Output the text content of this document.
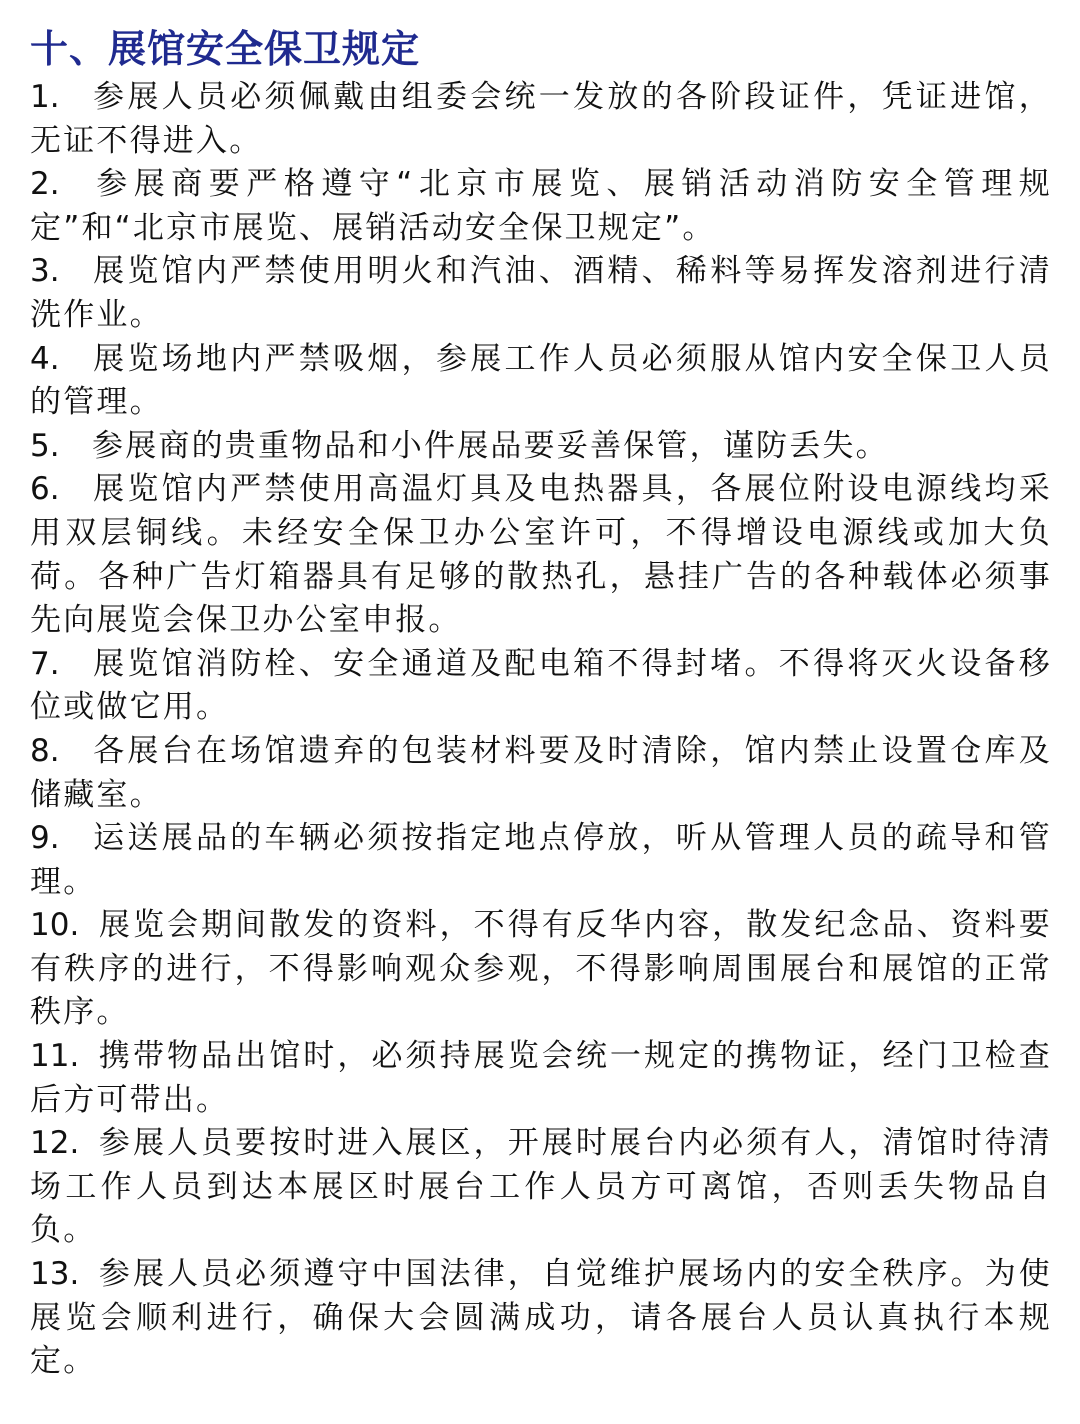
十、展馆安全保卫规定
1. 参展人员必须佩戴由组委会统一发放的各阶段证件，凭证进馆，无证不得进入。
2. 参展商要严格遵守“北京市展览、展销活动消防安全管理规定”和“北京市展览、展销活动安全保卫规定”。
3. 展览馆内严禁使用明火和汽油、酒精、稀料等易挥发溶剂进行清洗作业。
4. 展览场地内严禁吸烟，参展工作人员必须服从馆内安全保卫人员的管理。
5. 参展商的贵重物品和小件展品要妥善保管，谨防丢失。
6. 展览馆内严禁使用高温灯具及电热器具，各展位附设电源线均采用双层铜线。未经安全保卫办公室许可，不得增设电源线或加大负荷。各种广告灯箱器具有足够的散热孔，悬挂广告的各种载体必须事先向展览会保卫办公室申报。
7. 展览馆消防栓、安全通道及配电箱不得封堵。不得将灭火设备移位或做它用。
8. 各展台在场馆遗弃的包装材料要及时清除，馆内禁止设置仓库及储藏室。
9. 运送展品的车辆必须按指定地点停放，听从管理人员的疏导和管理。
10. 展览会期间散发的资料，不得有反华内容，散发纪念品、资料要有秩序的进行，不得影响观众参观，不得影响周围展台和展馆的正常秩序。
11. 携带物品出馆时，必须持展览会统一规定的携物证，经门卫检查后方可带出。
12. 参展人员要按时进入展区，开展时展台内必须有人，清馆时待清场工作人员到达本展区时展台工作人员方可离馆，否则丢失物品自负。
13. 参展人员必须遵守中国法律，自觉维护展场内的安全秩序。为使展览会顺利进行，确保大会圆满成功，请各展台人员认真执行本规定。
